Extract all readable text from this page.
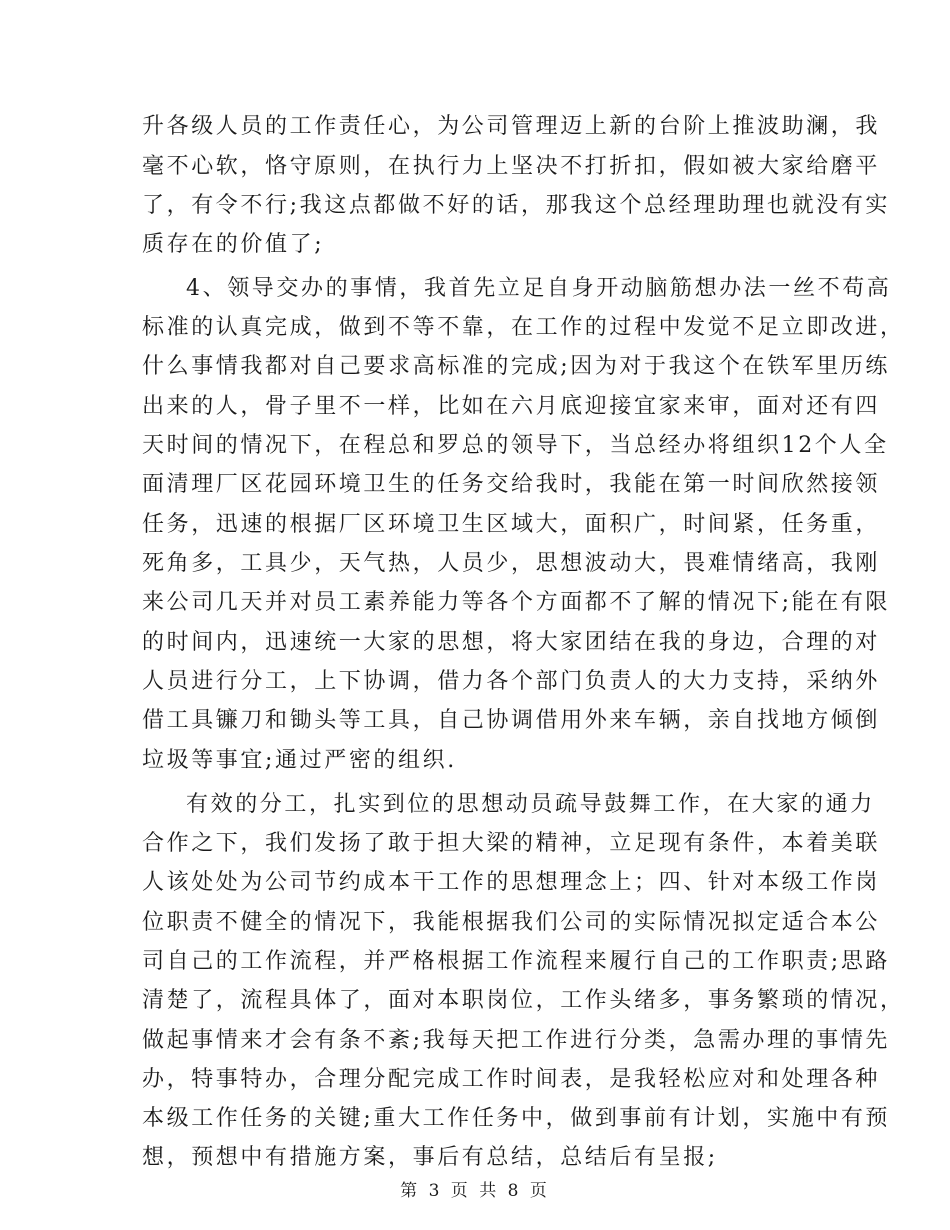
升各级人员的工作责任心，为公司管理迈上新的台阶上推波助澜，我
毫不心软，恪守原则，在执行力上坚决不打折扣，假如被大家给磨平
了，有令不行;我这点都做不好的话，那我这个总经理助理也就没有实
质存在的价值了;
4、领导交办的事情，我首先立足自身开动脑筋想办法一丝不苟高
标准的认真完成，做到不等不靠，在工作的过程中发觉不足立即改进，
什么事情我都对自己要求高标准的完成;因为对于我这个在铁军里历练
出来的人，骨子里不一样，比如在六月底迎接宜家来审，面对还有四
天时间的情况下，在程总和罗总的领导下，当总经办将组织12个人全
面清理厂区花园环境卫生的任务交给我时，我能在第一时间欣然接领
任务，迅速的根据厂区环境卫生区域大，面积广，时间紧，任务重，
死角多，工具少，天气热，人员少，思想波动大，畏难情绪高，我刚
来公司几天并对员工素养能力等各个方面都不了解的情况下;能在有限
的时间内，迅速统一大家的思想，将大家团结在我的身边，合理的对
人员进行分工，上下协调，借力各个部门负责人的大力支持，采纳外
借工具镰刀和锄头等工具，自己协调借用外来车辆，亲自找地方倾倒
垃圾等事宜;通过严密的组织.
有效的分工，扎实到位的思想动员疏导鼓舞工作，在大家的通力
合作之下，我们发扬了敢于担大梁的精神，立足现有条件，本着美联
人该处处为公司节约成本干工作的思想理念上；四、针对本级工作岗
位职责不健全的情况下，我能根据我们公司的实际情况拟定适合本公
司自己的工作流程，并严格根据工作流程来履行自己的工作职责;思路
清楚了，流程具体了，面对本职岗位，工作头绪多，事务繁琐的情况，
做起事情来才会有条不紊;我每天把工作进行分类，急需办理的事情先
办，特事特办，合理分配完成工作时间表，是我轻松应对和处理各种
本级工作任务的关键;重大工作任务中，做到事前有计划，实施中有预
想，预想中有措施方案，事后有总结，总结后有呈报;
第 3 页 共 8 页
